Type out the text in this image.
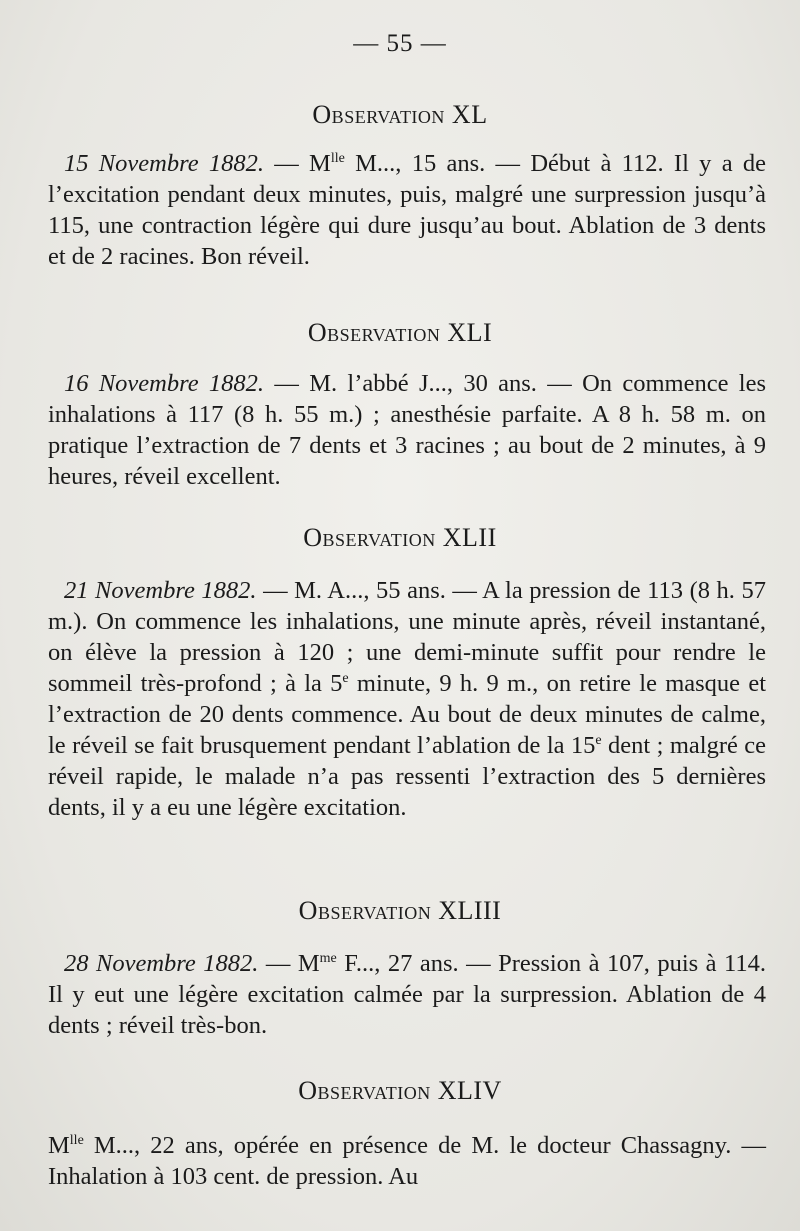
— 55 —
Observation XL
15 Novembre 1882. — $M^{lle}$ M..., 15 ans. — Début à 112. Il y a de l’excitation pendant deux minutes, puis, malgré une surpression jusqu’à 115, une contraction légère qui dure jusqu’au bout. Ablation de 3 dents et de 2 racines. Bon réveil.
Observation XLI
16 Novembre 1882. — M. l’abbé J..., 30 ans. — On commence les inhalations à 117 (8 h. 55 m.) ; anesthésie parfaite. A 8 h. 58 m. on pratique l’extraction de 7 dents et 3 racines ; au bout de 2 minutes, à 9 heures, réveil excellent.
Observation XLII
21 Novembre 1882. — M. A..., 55 ans. — A la pression de 113 (8 h. 57 m.). On commence les inhalations, une minute après, réveil instantané, on élève la pression à 120 ; une demi-minute suffit pour rendre le sommeil très-profond ; à la 5e minute, 9 h. 9 m., on retire le masque et l’extraction de 20 dents commence. Au bout de deux minutes de calme, le réveil se fait brusquement pendant l’ablation de la 15e dent ; malgré ce réveil rapide, le malade n’a pas ressenti l’extraction des 5 dernières dents, il y a eu une légère excitation.
Observation XLIII
28 Novembre 1882. — $M^{me}$ F..., 27 ans. — Pression à 107, puis à 114. Il y eut une légère excitation calmée par la surpression. Ablation de 4 dents ; réveil très-bon.
Observation XLIV
$M^{lle}$ M..., 22 ans, opérée en présence de M. le docteur Chassagny. — Inhalation à 103 cent. de pression. Au
